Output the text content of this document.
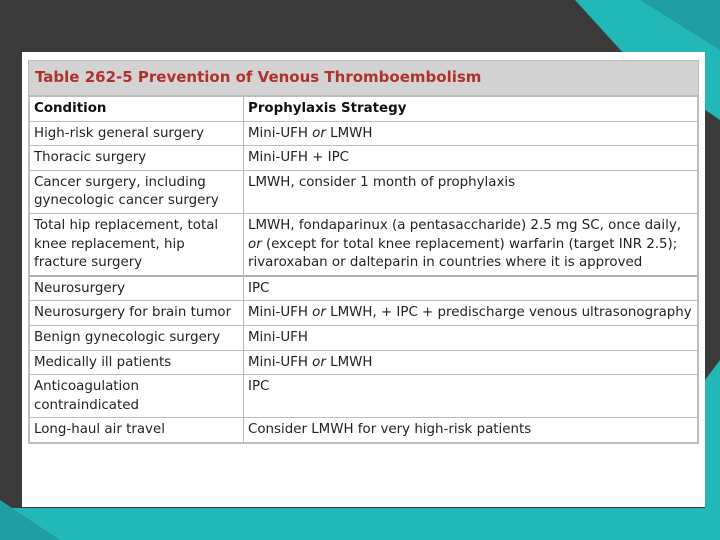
Table 262-5 Prevention of Venous Thromboembolism
Condition	Prophylaxis Strategy
High-risk general surgery	Mini-UFH or LMWH
Thoracic surgery	Mini-UFH + IPC
Cancer surgery, including gynecologic cancer surgery	LMWH, consider 1 month of prophylaxis
Total hip replacement, total knee replacement, hip fracture surgery	LMWH, fondaparinux (a pentasaccharide) 2.5 mg SC, once daily, or (except for total knee replacement) warfarin (target INR 2.5); rivaroxaban or dalteparin in countries where it is approved
Neurosurgery	IPC
Neurosurgery for brain tumor	Mini-UFH or LMWH, + IPC + predischarge venous ultrasonography
Benign gynecologic surgery	Mini-UFH
Medically ill patients	Mini-UFH or LMWH
Anticoagulation contraindicated	IPC
Long-haul air travel	Consider LMWH for very high-risk patients
